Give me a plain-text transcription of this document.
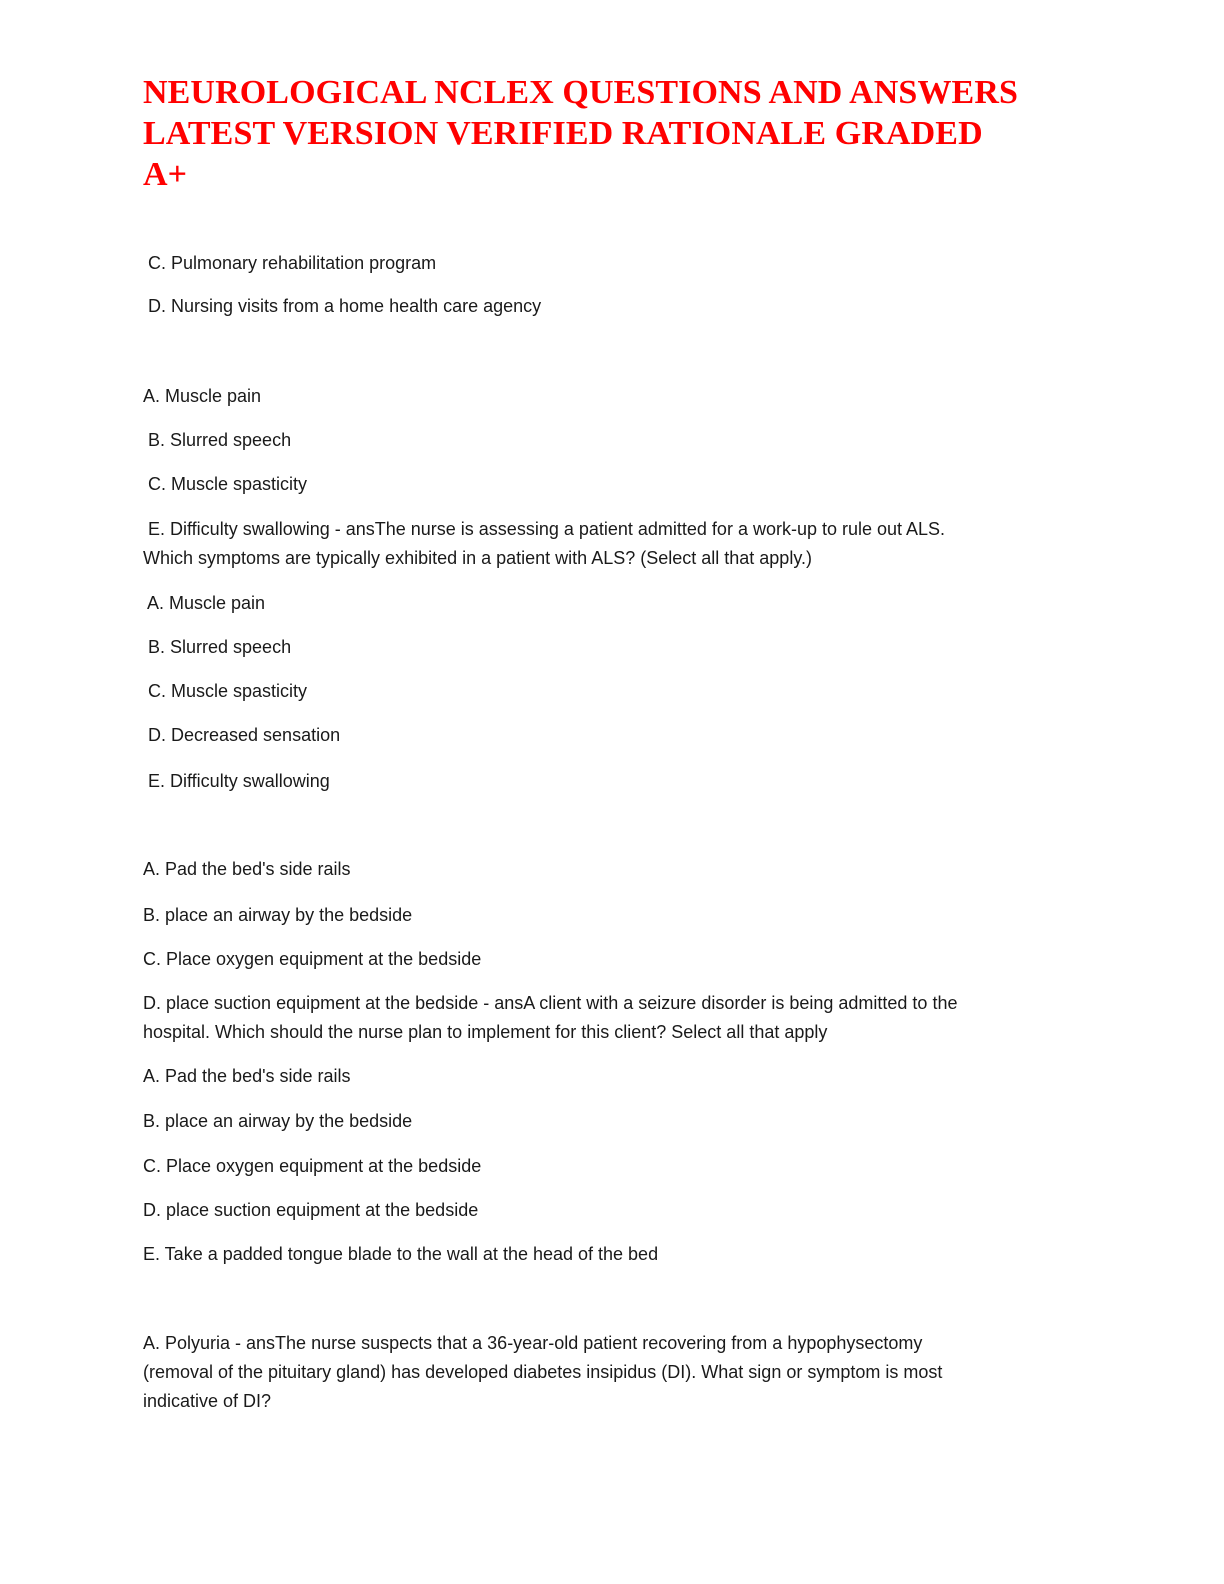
NEUROLOGICAL NCLEX QUESTIONS AND ANSWERS
LATEST VERSION VERIFIED RATIONALE GRADED
A+

C. Pulmonary rehabilitation program

D. Nursing visits from a home health care agency

A. Muscle pain

B. Slurred speech

C. Muscle spasticity

E. Difficulty swallowing - ansThe nurse is assessing a patient admitted for a work-up to rule out ALS.

Which symptoms are typically exhibited in a patient with ALS? (Select all that apply.)

A. Muscle pain

B. Slurred speech

C. Muscle spasticity

D. Decreased sensation

E. Difficulty swallowing

A. Pad the bed's side rails

B. place an airway by the bedside

C. Place oxygen equipment at the bedside

D. place suction equipment at the bedside - ansA client with a seizure disorder is being admitted to the

hospital. Which should the nurse plan to implement for this client? Select all that apply

A. Pad the bed's side rails

B. place an airway by the bedside

C. Place oxygen equipment at the bedside

D. place suction equipment at the bedside

E. Take a padded tongue blade to the wall at the head of the bed

A. Polyuria - ansThe nurse suspects that a 36-year-old patient recovering from a hypophysectomy

(removal of the pituitary gland) has developed diabetes insipidus (DI). What sign or symptom is most

indicative of DI?
